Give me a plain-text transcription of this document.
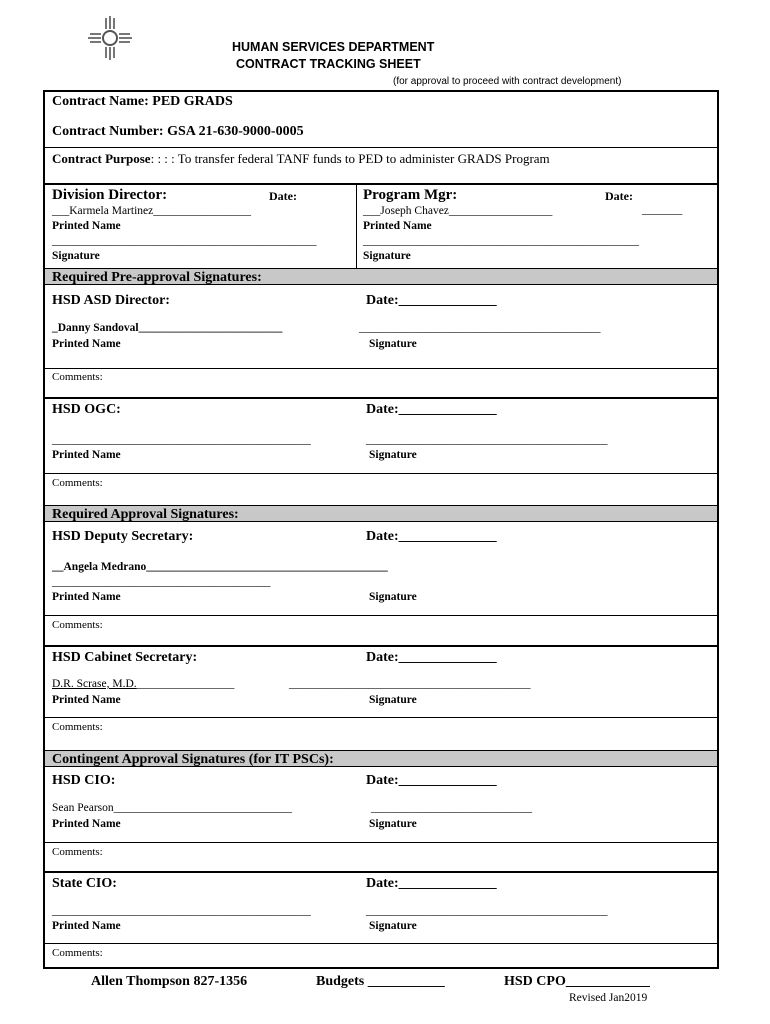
HUMAN SERVICES DEPARTMENT
CONTRACT TRACKING SHEET
(for approval to proceed with contract development)
Contract Name: PED GRADS
Contract Number: GSA 21-630-9000-0005
Contract Purpose: : : : To transfer federal TANF funds to PED to administer GRADS Program
Division Director:	Date:
___Karmela Martinez_________________
Printed Name
______________________________________________
Signature
Program Mgr:	Date:
_______
___Joseph Chavez__________________
Printed Name
________________________________________________
Signature
Required Pre-approval Signatures:
HSD ASD Director:	Date:______________
_Danny Sandoval_________________________	__________________________________________
Printed Name	Signature
Comments:
HSD OGC:	Date:______________
_____________________________________________	__________________________________________
Printed Name	Signature
Comments:
Required Approval Signatures:
HSD Deputy Secretary:	Date:______________
__Angela Medrano__________________________________________
______________________________________
Printed Name	Signature
Comments:
HSD Cabinet Secretary:	Date:______________
D.R. Scrase, M.D._________________	__________________________________________
Printed Name	Signature
Comments:
Contingent Approval Signatures (for IT PSCs):
HSD CIO:	Date:______________
Sean Pearson_______________________________	____________________________
Printed Name	Signature
Comments:
State CIO:	Date:______________
_____________________________________________	__________________________________________
Printed Name	Signature
Comments:
Allen Thompson 827-1356	Budgets ___________	HSD CPO____________
Revised Jan2019
